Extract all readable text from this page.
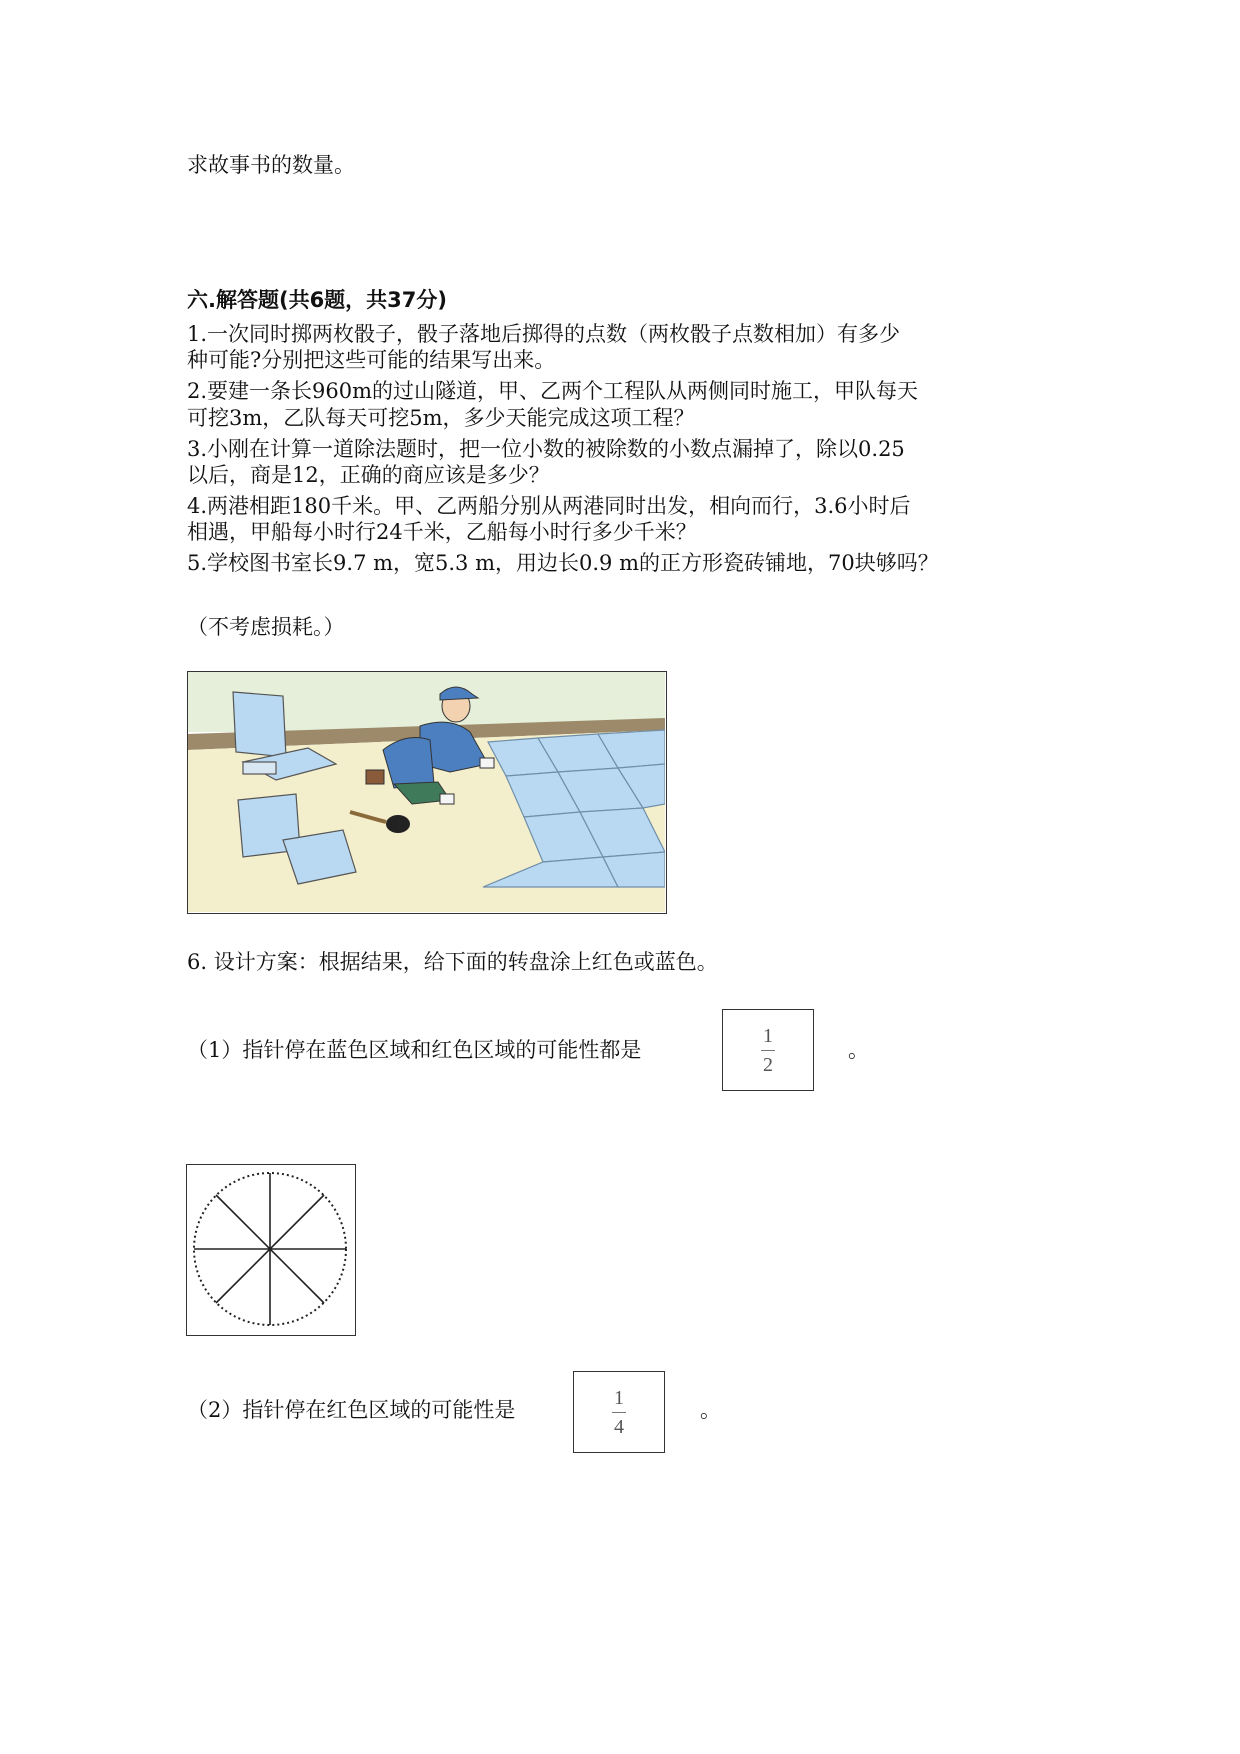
求故事书的数量。
六.解答题(共6题，共37分)
1.一次同时掷两枚骰子，骰子落地后掷得的点数（两枚骰子点数相加）有多少
种可能?分别把这些可能的结果写出来。
2.要建一条长960m的过山隧道，甲、乙两个工程队从两侧同时施工，甲队每天
可挖3m，乙队每天可挖5m，多少天能完成这项工程？
3.小刚在计算一道除法题时，把一位小数的被除数的小数点漏掉了，除以0.25
以后，商是12，正确的商应该是多少？
4.两港相距180千米。甲、乙两船分别从两港同时出发，相向而行，3.6小时后
相遇，甲船每小时行24千米，乙船每小时行多少千米？
5.学校图书室长9.7 m，宽5.3 m，用边长0.9 m的正方形瓷砖铺地，70块够吗？
（不考虑损耗。）
6. 设计方案：根据结果，给下面的转盘涂上红色或蓝色。
（1）指针停在蓝色区域和红色区域的可能性都是
1
2
。
（2）指针停在红色区域的可能性是
1
4
。
